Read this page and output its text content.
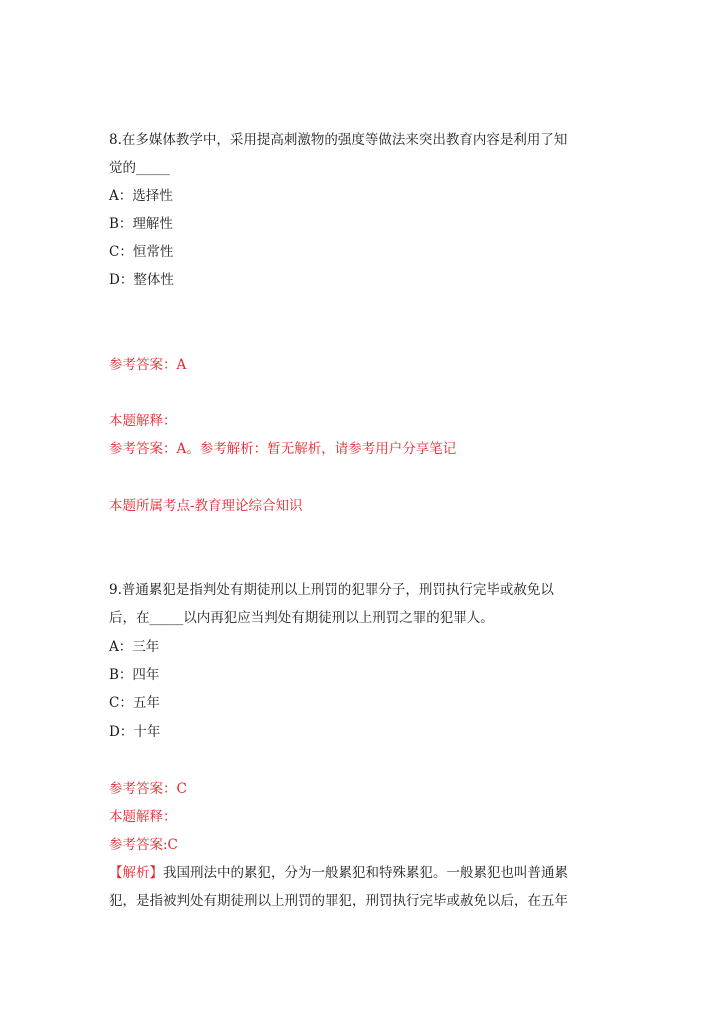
8.在多媒体教学中，采用提高刺激物的强度等做法来突出教育内容是利用了知
觉的_____
A：选择性
B：理解性
C：恒常性
D：整体性
参考答案：A
本题解释：
参考答案：A。参考解析：暂无解析，请参考用户分享笔记
本题所属考点-教育理论综合知识
9.普通累犯是指判处有期徒刑以上刑罚的犯罪分子，刑罚执行完毕或赦免以
后，在_____以内再犯应当判处有期徒刑以上刑罚之罪的犯罪人。
A：三年
B：四年
C：五年
D：十年
参考答案：C
本题解释：
参考答案:C
【解析】我国刑法中的累犯，分为一般累犯和特殊累犯。一般累犯也叫普通累
犯，是指被判处有期徒刑以上刑罚的罪犯，刑罚执行完毕或赦免以后，在五年
